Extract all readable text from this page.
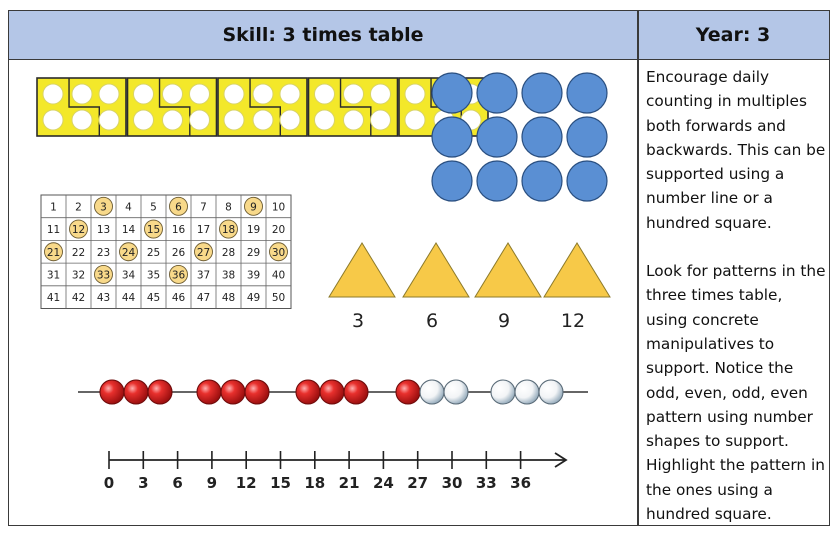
Skill: 3 times table	Year: 3

Encourage daily counting in multiples both forwards and backwards. This can be supported using a number line or a hundred square.

Look for patterns in the three times table, using concrete manipulatives to support. Notice the odd, even, odd, even pattern using number shapes to support. Highlight the pattern in the ones using a hundred square.

1 2 3 4 5 6 7 8 9 10
11 12 13 14 15 16 17 18 19 20
21 22 23 24 25 26 27 28 29 30
31 32 33 34 35 36 37 38 39 40
41 42 43 44 45 46 47 48 49 50
3	6	9	12
0 3 6 9 12 15 18 21 24 27 30 33 36
